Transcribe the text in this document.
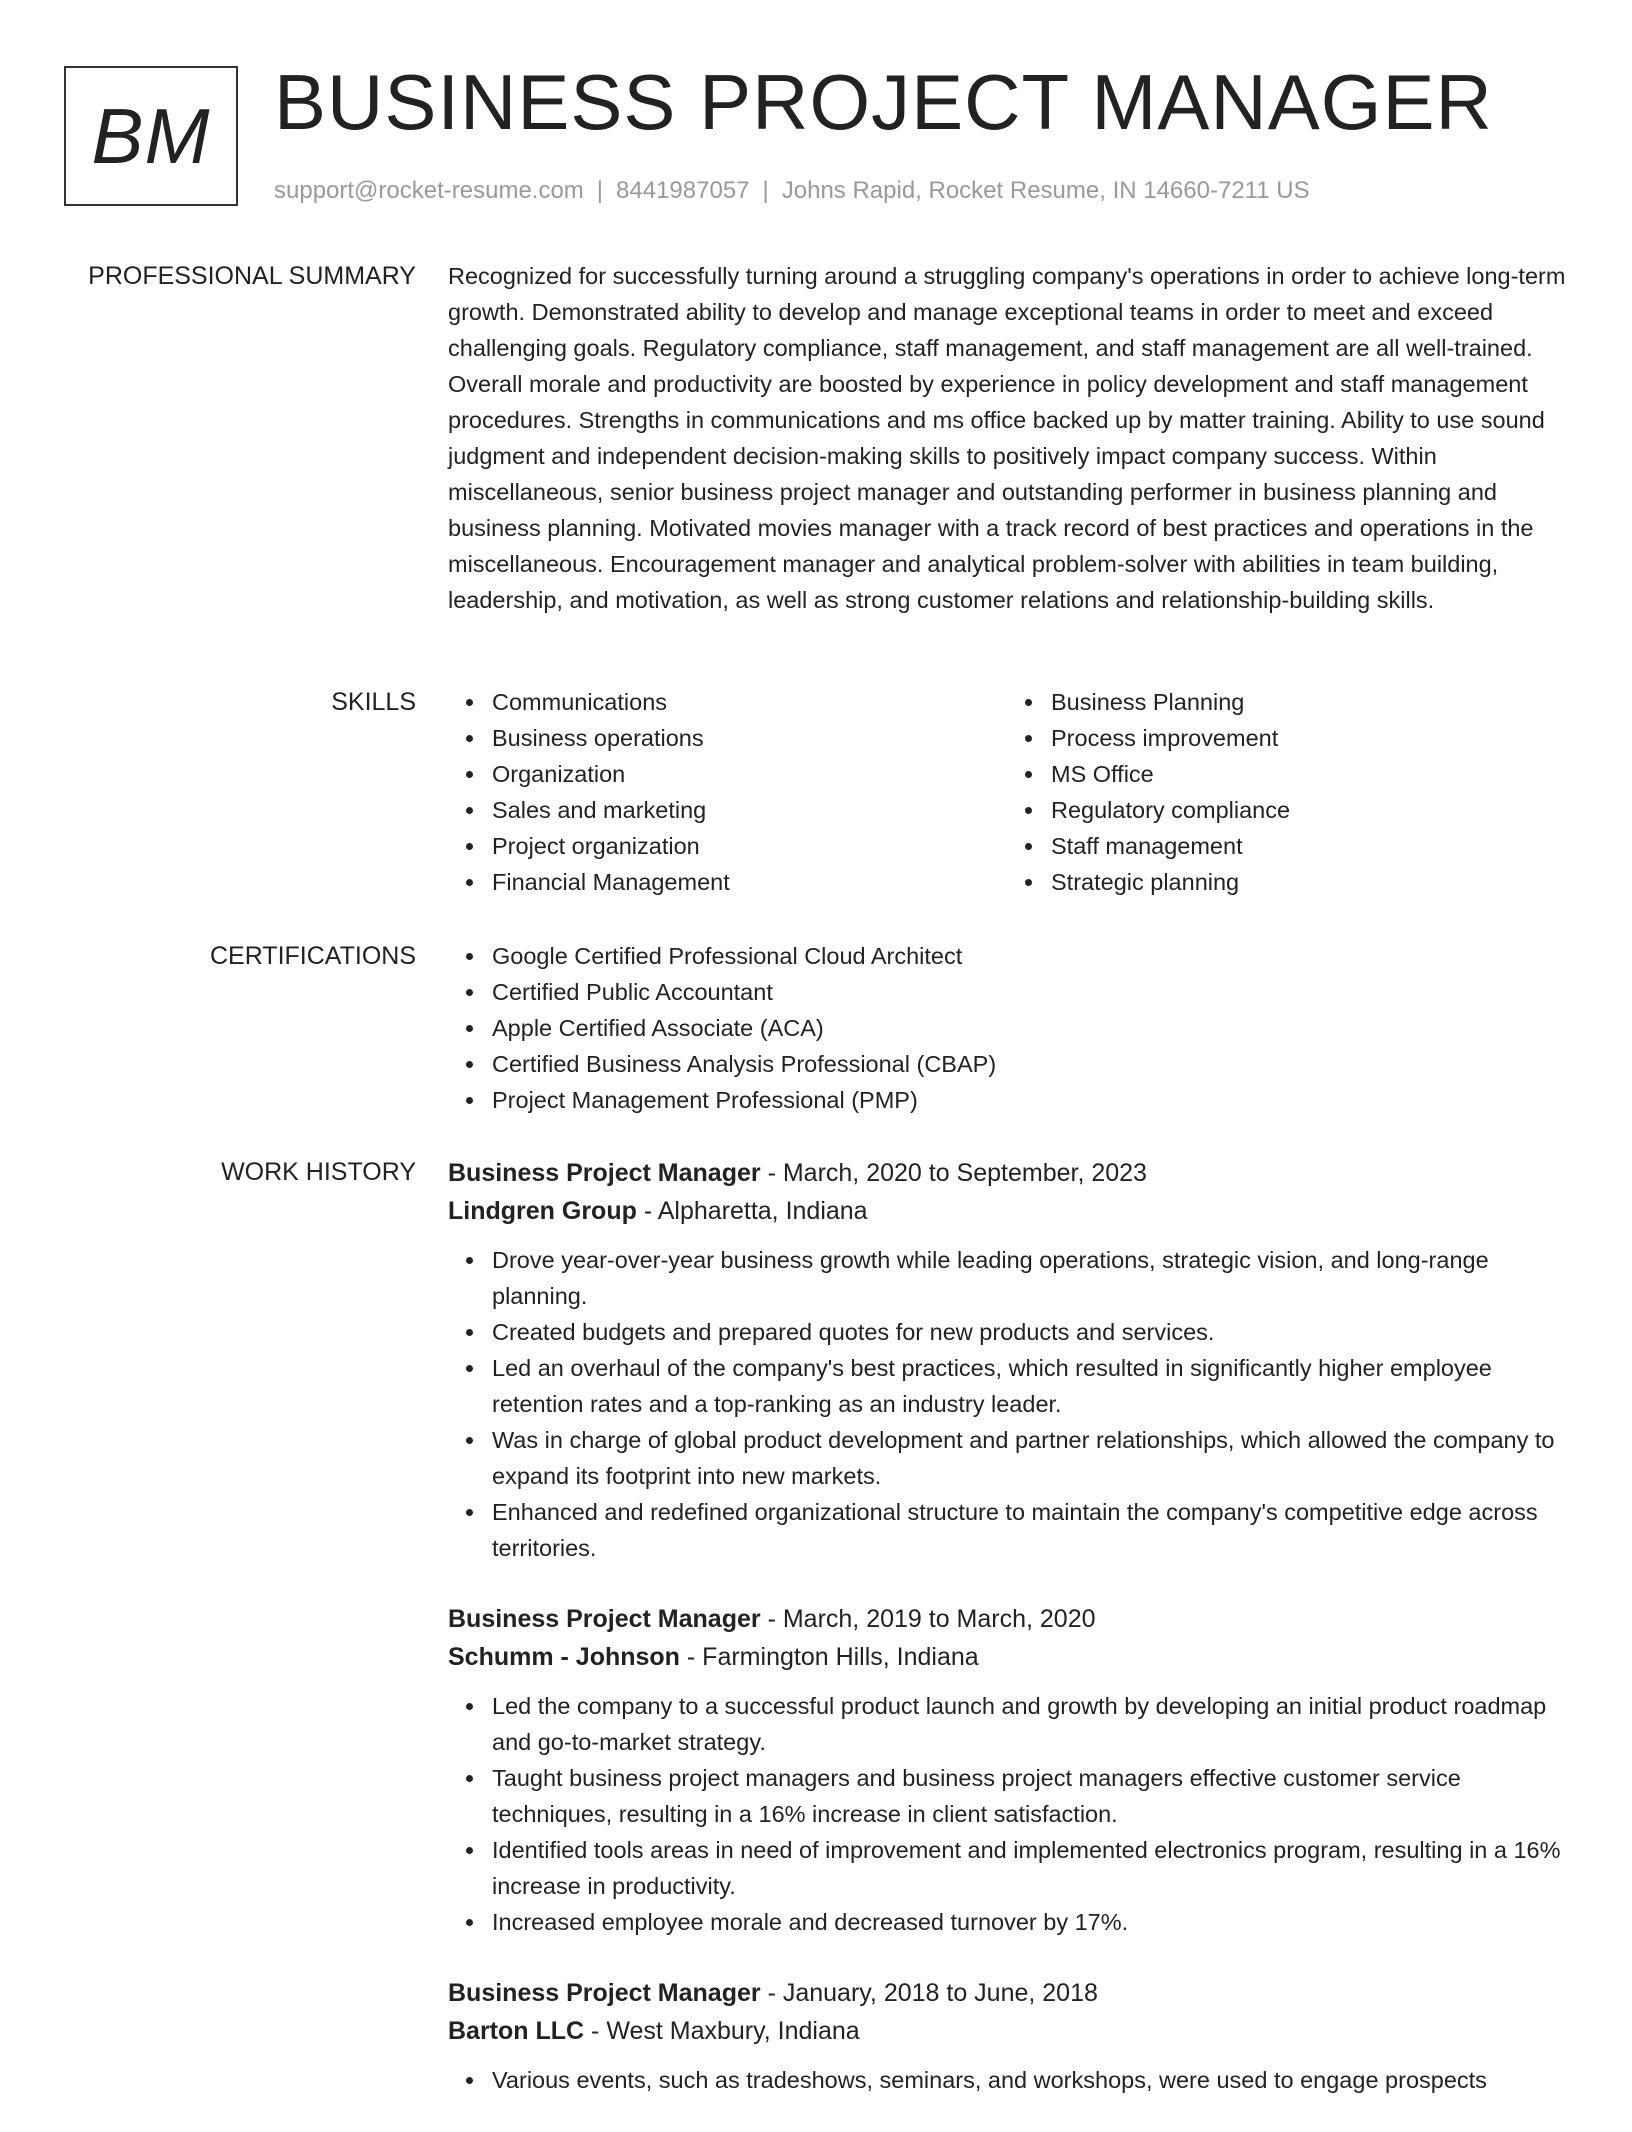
BM BUSINESS PROJECT MANAGER
support@rocket-resume.com | 8441987057 | Johns Rapid, Rocket Resume, IN 14660-7211 US
PROFESSIONAL SUMMARY Recognized for successfully turning around a struggling company's operations in order to achieve long-term growth. Demonstrated ability to develop and manage exceptional teams in order to meet and exceed challenging goals. Regulatory compliance, staff management, and staff management are all well-trained. Overall morale and productivity are boosted by experience in policy development and staff management procedures. Strengths in communications and ms office backed up by matter training. Ability to use sound judgment and independent decision-making skills to positively impact company success. Within miscellaneous, senior business project manager and outstanding performer in business planning and business planning. Motivated movies manager with a track record of best practices and operations in the miscellaneous. Encouragement manager and analytical problem-solver with abilities in team building, leadership, and motivation, as well as strong customer relations and relationship-building skills.

SKILLS	Communications
Business operations
Organization
Sales and marketing
Project organization
Financial Management
Business Planning
Process improvement
MS Office
Regulatory compliance
Staff management
Strategic planning
CERTIFICATIONS	Google Certified Professional Cloud Architect
Certified Public Accountant
Apple Certified Associate (ACA)
Certified Business Analysis Professional (CBAP)
Project Management Professional (PMP)
WORK HISTORY Business Project Manager - March, 2020 to September, 2023
Lindgren Group - Alpharetta, Indiana
Drove year-over-year business growth while leading operations, strategic vision, and long-range planning.
Created budgets and prepared quotes for new products and services.
Led an overhaul of the company's best practices, which resulted in significantly higher employee retention rates and a top-ranking as an industry leader.
Was in charge of global product development and partner relationships, which allowed the company to expand its footprint into new markets.
Enhanced and redefined organizational structure to maintain the company's competitive edge across territories.
Business Project Manager - March, 2019 to March, 2020
Schumm - Johnson - Farmington Hills, Indiana
Led the company to a successful product launch and growth by developing an initial product roadmap and go-to-market strategy.
Taught business project managers and business project managers effective customer service techniques, resulting in a 16% increase in client satisfaction.
Identified tools areas in need of improvement and implemented electronics program, resulting in a 16% increase in productivity.
Increased employee morale and decreased turnover by 17%.
Business Project Manager - January, 2018 to June, 2018
Barton LLC - West Maxbury, Indiana
Various events, such as tradeshows, seminars, and workshops, were used to engage prospects
